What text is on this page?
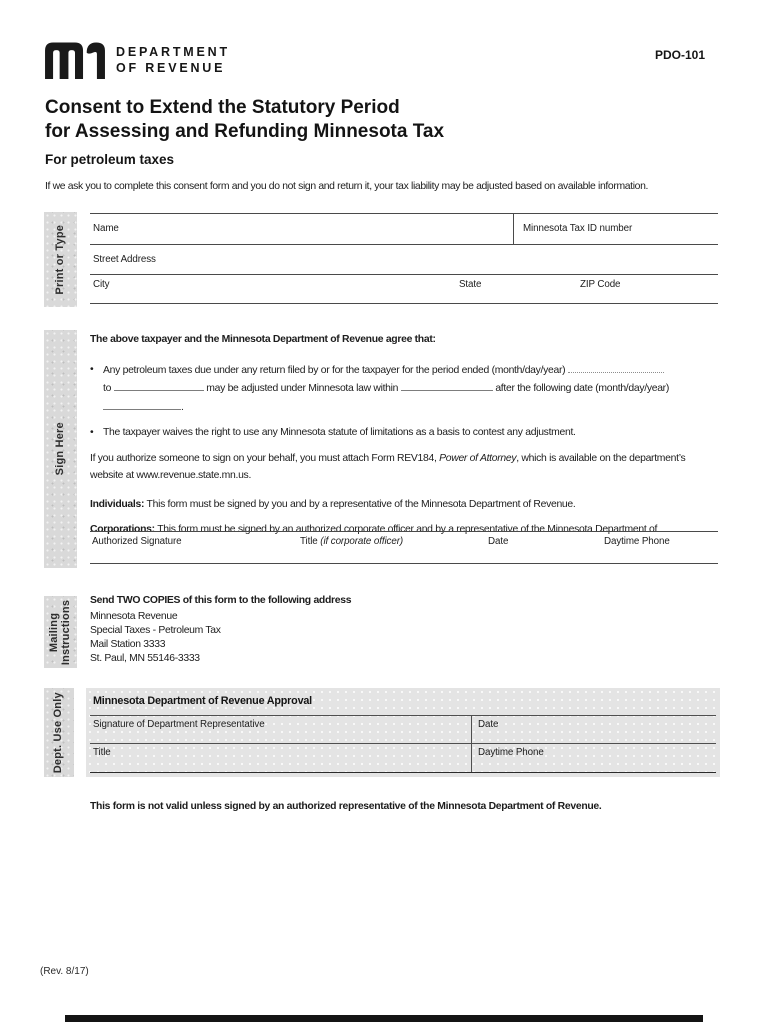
DEPARTMENT
OF REVENUE
PDO-101
Consent to Extend the Statutory Period
for Assessing and Refunding Minnesota Tax
For petroleum taxes
If we ask you to complete this consent form and you do not sign and return it, your tax liability may be adjusted based on available information.
Print or Type	Name	Minnesota Tax ID number
Street Address
City	State	ZIP Code
Sign Here
The above taxpayer and the Minnesota Department of Revenue agree that:
• Any petroleum taxes due under any return filed by or for the taxpayer for the period ended (month/day/year)
to	may be adjusted under Minnesota law within	after the following date (month/day/year)
.
• The taxpayer waives the right to use any Minnesota statute of limitations as a basis to contest any adjustment.
If you authorize someone to sign on your behalf, you must attach Form REV184, Power of Attorney, which is available on the department’s website at www.revenue.state.mn.us.
Individuals: This form must be signed by you and by a representative of the Minnesota Department of Revenue.
Corporations: This form must be signed by an authorized corporate officer and by a representative of the Minnesota Department of
Authorized Signature	Title (if corporate officer)	Date	Daytime Phone
Mailing Instructions Send TWO COPIES of this form to the following address
Minnesota Revenue
Special Taxes - Petroleum Tax
Mail Station 3333
St. Paul, MN 55146-3333
Dept. Use Only	Minnesota Department of Revenue Approval
Signature of Department Representative	Date
Title	Daytime Phone
This form is not valid unless signed by an authorized representative of the Minnesota Department of Revenue.
(Rev. 8/17)
